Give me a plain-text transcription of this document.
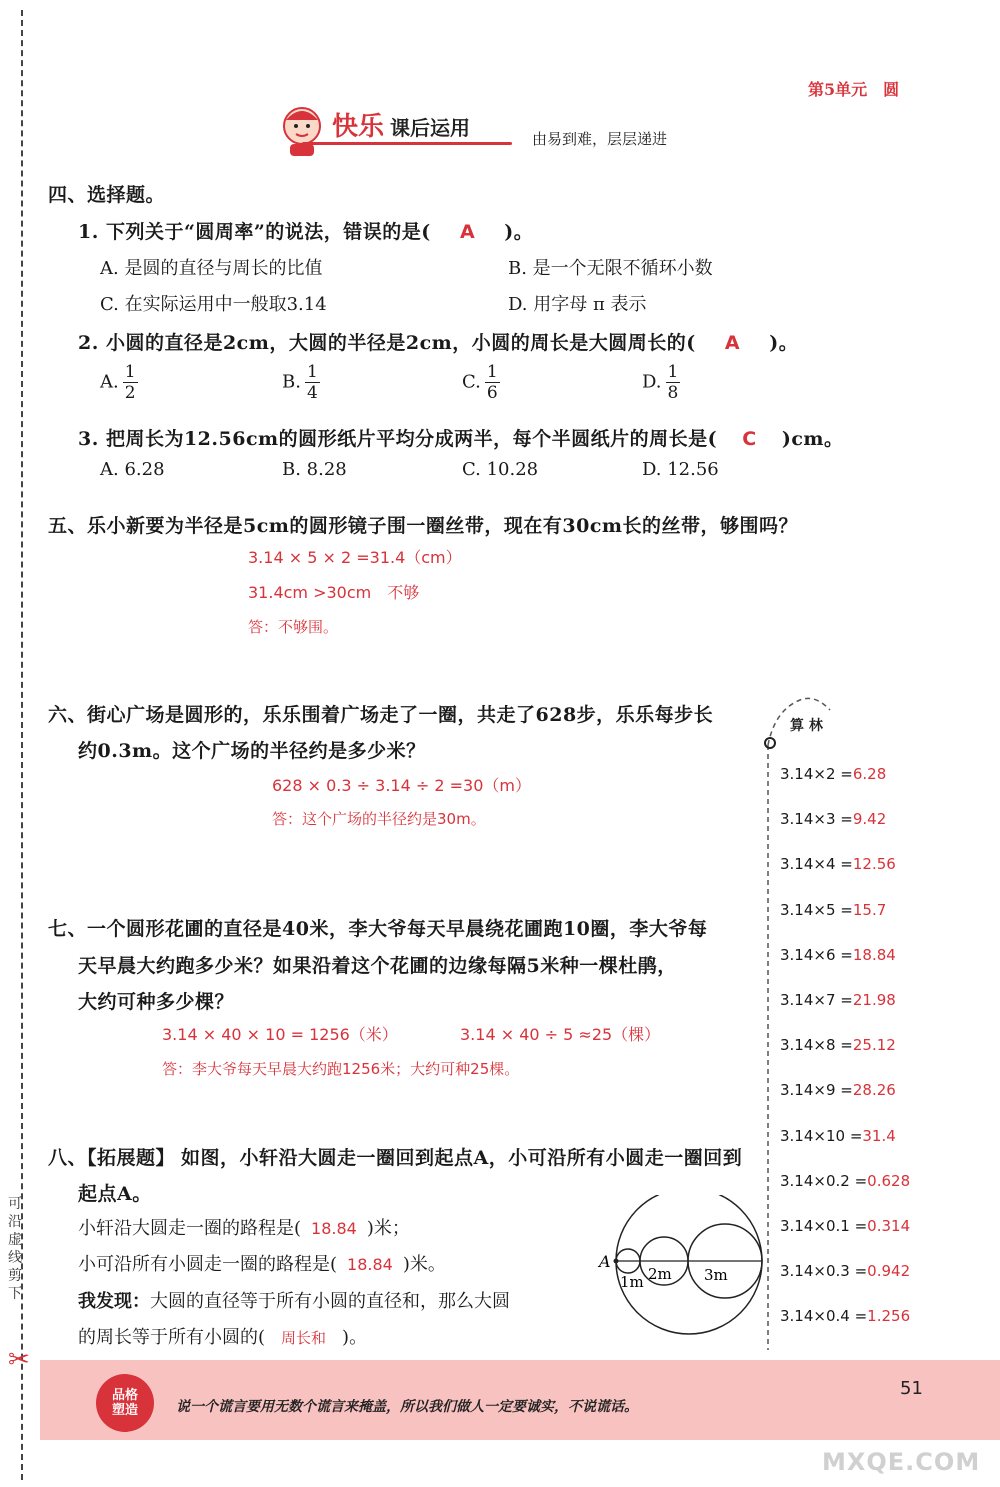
可沿虚线剪下
✂
第5单元　圆
快乐 课后运用	由易到难，层层递进
四、选择题。
1. 下列关于“圆周率”的说法，错误的是( A )。
A. 是圆的直径与周长的比值	B. 是一个无限不循环小数
C. 在实际运用中一般取3.14	D. 用字母 π 表示
2. 小圆的直径是2cm，大圆的半径是2cm，小圆的周长是大圆周长的( A )。
A. $\frac{1}{2}$	B. $\frac{1}{4}$	C. $\frac{1}{6}$	D. $\frac{1}{8}$
3. 把周长为12.56cm的圆形纸片平均分成两半，每个半圆纸片的周长是( C )cm。
A. 6.28	B. 8.28	C. 10.28	D. 12.56
五、乐小新要为半径是5cm的圆形镜子围一圈丝带，现在有30cm长的丝带，够围吗？
3.14 × 5 × 2 =31.4（cm）
31.4cm >30cm　不够
答：不够围。
六、街心广场是圆形的，乐乐围着广场走了一圈，共走了628步，乐乐每步长
约0.3m。这个广场的半径约是多少米？
628 × 0.3 ÷ 3.14 ÷ 2 =30（m）
答：这个广场的半径约是30m。
七、一个圆形花圃的直径是40米，李大爷每天早晨绕花圃跑10圈，李大爷每
天早晨大约跑多少米？如果沿着这个花圃的边缘每隔5米种一棵杜鹃，
大约可种多少棵？
3.14 × 40 × 10 = 1256（米）	3.14 × 40 ÷ 5 ≈25（棵）
答：李大爷每天早晨大约跑1256米；大约可种25棵。
八、【拓展题】 如图，小轩沿大圆走一圈回到起点A，小可沿所有小圆走一圈回到
起点A。
小轩沿大圆走一圈的路程是( 18.84 )米；
小可沿所有小圆走一圈的路程是( 18.84 )米。
我发现：大圆的直径等于所有小圆的直径和，那么大圆
的周长等于所有小圆的( 周长和 )。
A
1m 2m 3m
算 林
3.14×2 =6.28
3.14×3 =9.42
3.14×4 =12.56
3.14×5 =15.7
3.14×6 =18.84
3.14×7 =21.98
3.14×8 =25.12
3.14×9 =28.26
3.14×10 =31.4
3.14×0.2 =0.628
3.14×0.1 =0.314
3.14×0.3 =0.942
3.14×0.4 =1.256
品格塑造	说一个谎言要用无数个谎言来掩盖，所以我们做人一定要诚实，不说谎话。
51
MXQE.COM
